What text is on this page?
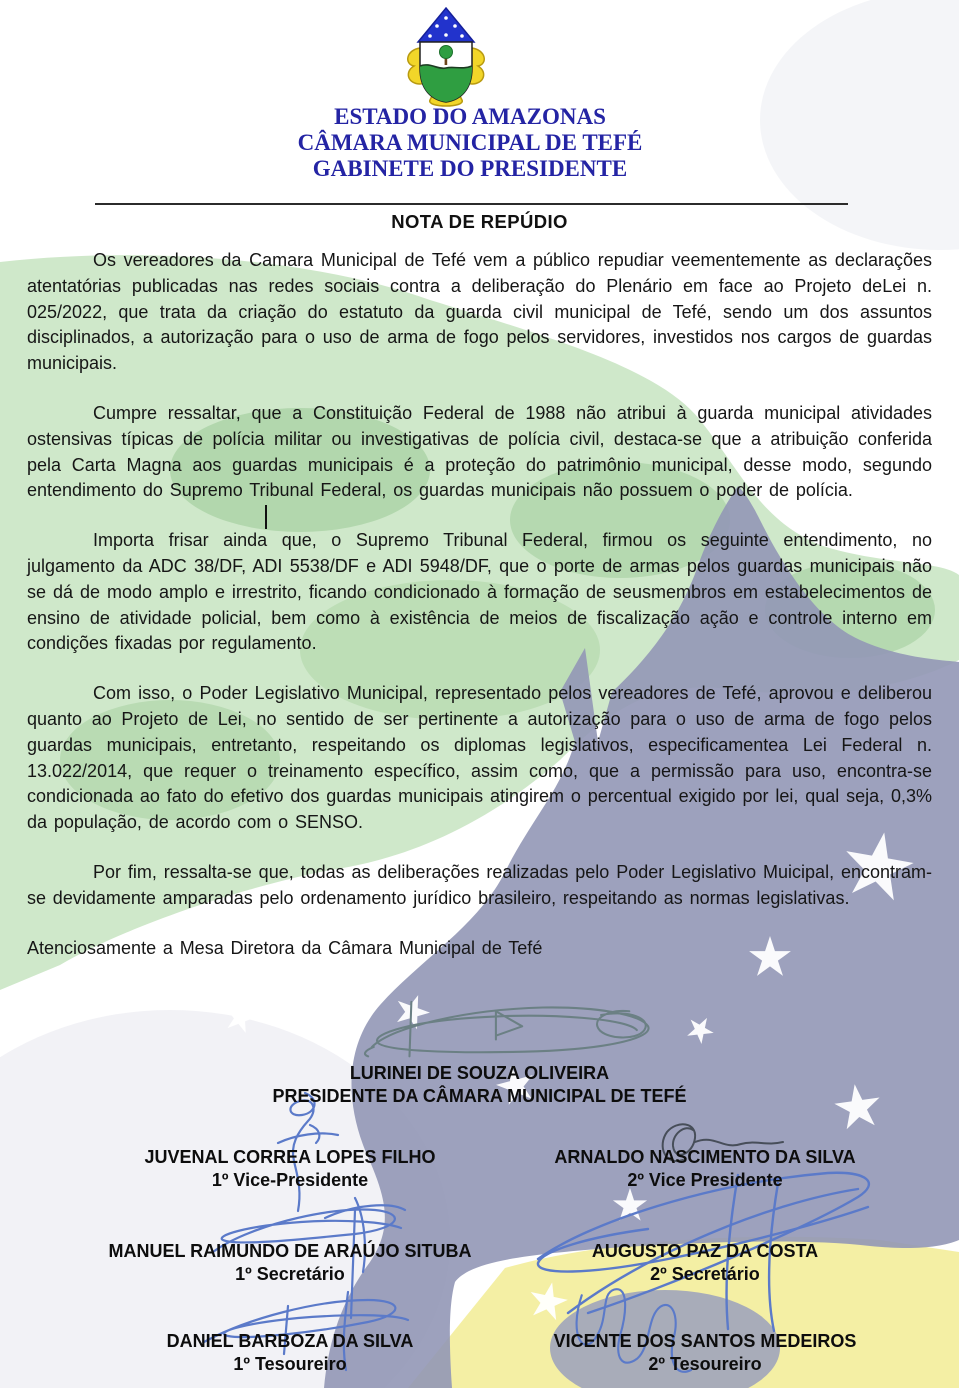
ESTADO DO AMAZONAS
CÂMARA MUNICIPAL DE TEFÉ
GABINETE DO PRESIDENTE
NOTA DE REPÚDIO

Os vereadores da Camara Municipal de Tefé vem a público repudiar veementemente as declarações atentatórias publicadas nas redes sociais contra a deliberação do Plenário em face ao Projeto deLei n. 025/2022, que trata da criação do estatuto da guarda civil municipal de Tefé, sendo um dos assuntos disciplinados, a autorização para o uso de arma de fogo pelos servidores, investidos nos cargos de guardas municipais.

Cumpre ressaltar, que a Constituição Federal de 1988 não atribui à guarda municipal atividades ostensivas típicas de polícia militar ou investigativas de polícia civil, destaca-se que a atribuição conferida pela Carta Magna aos guardas municipais é a proteção do patrimônio municipal, desse modo, segundo entendimento do Supremo Tribunal Federal, os guardas municipais não possuem o poder de polícia.

Importa frisar ainda que, o Supremo Tribunal Federal, firmou os seguinte entendimento, no julgamento da ADC 38/DF, ADI 5538/DF e ADI 5948/DF, que o porte de armas pelos guardas municipais não se dá de modo amplo e irrestrito, ficando condicionado à formação de seusmembros em estabelecimentos de ensino de atividade policial, bem como à existência de meios de fiscalização ação e controle interno em condições fixadas por regulamento.

Com isso, o Poder Legislativo Municipal, representado pelos vereadores de Tefé, aprovou e deliberou quanto ao Projeto de Lei, no sentido de ser pertinente a autorização para o uso de arma de fogo pelos guardas municipais, entretanto, respeitando os diplomas legislativos, especificamentea Lei Federal n. 13.022/2014, que requer o treinamento específico, assim como, que a permissão para uso, encontra-se condicionada ao fato do efetivo dos guardas municipais atingirem o percentual exigido por lei, qual seja, 0,3% da população, de acordo com o SENSO.

Por fim, ressalta-se que, todas as deliberações realizadas pelo Poder Legislativo Muicipal, encontram-se devidamente amparadas pelo ordenamento jurídico brasileiro, respeitando as normas legislativas.

Atenciosamente a Mesa Diretora da Câmara Municipal de Tefé

LURINEI DE SOUZA OLIVEIRA
PRESIDENTE DA CÂMARA MUNICIPAL DE TEFÉ
JUVENAL CORREA LOPES FILHO
1º Vice-Presidente
ARNALDO NASCIMENTO DA SILVA
2º Vice Presidente
MANUEL RAIMUNDO DE ARAÚJO SITUBA
1º Secretário
AUGUSTO PAZ DA COSTA
2º Secretário
DANIEL BARBOZA DA SILVA
1º Tesoureiro
VICENTE DOS SANTOS MEDEIROS
2º Tesoureiro
